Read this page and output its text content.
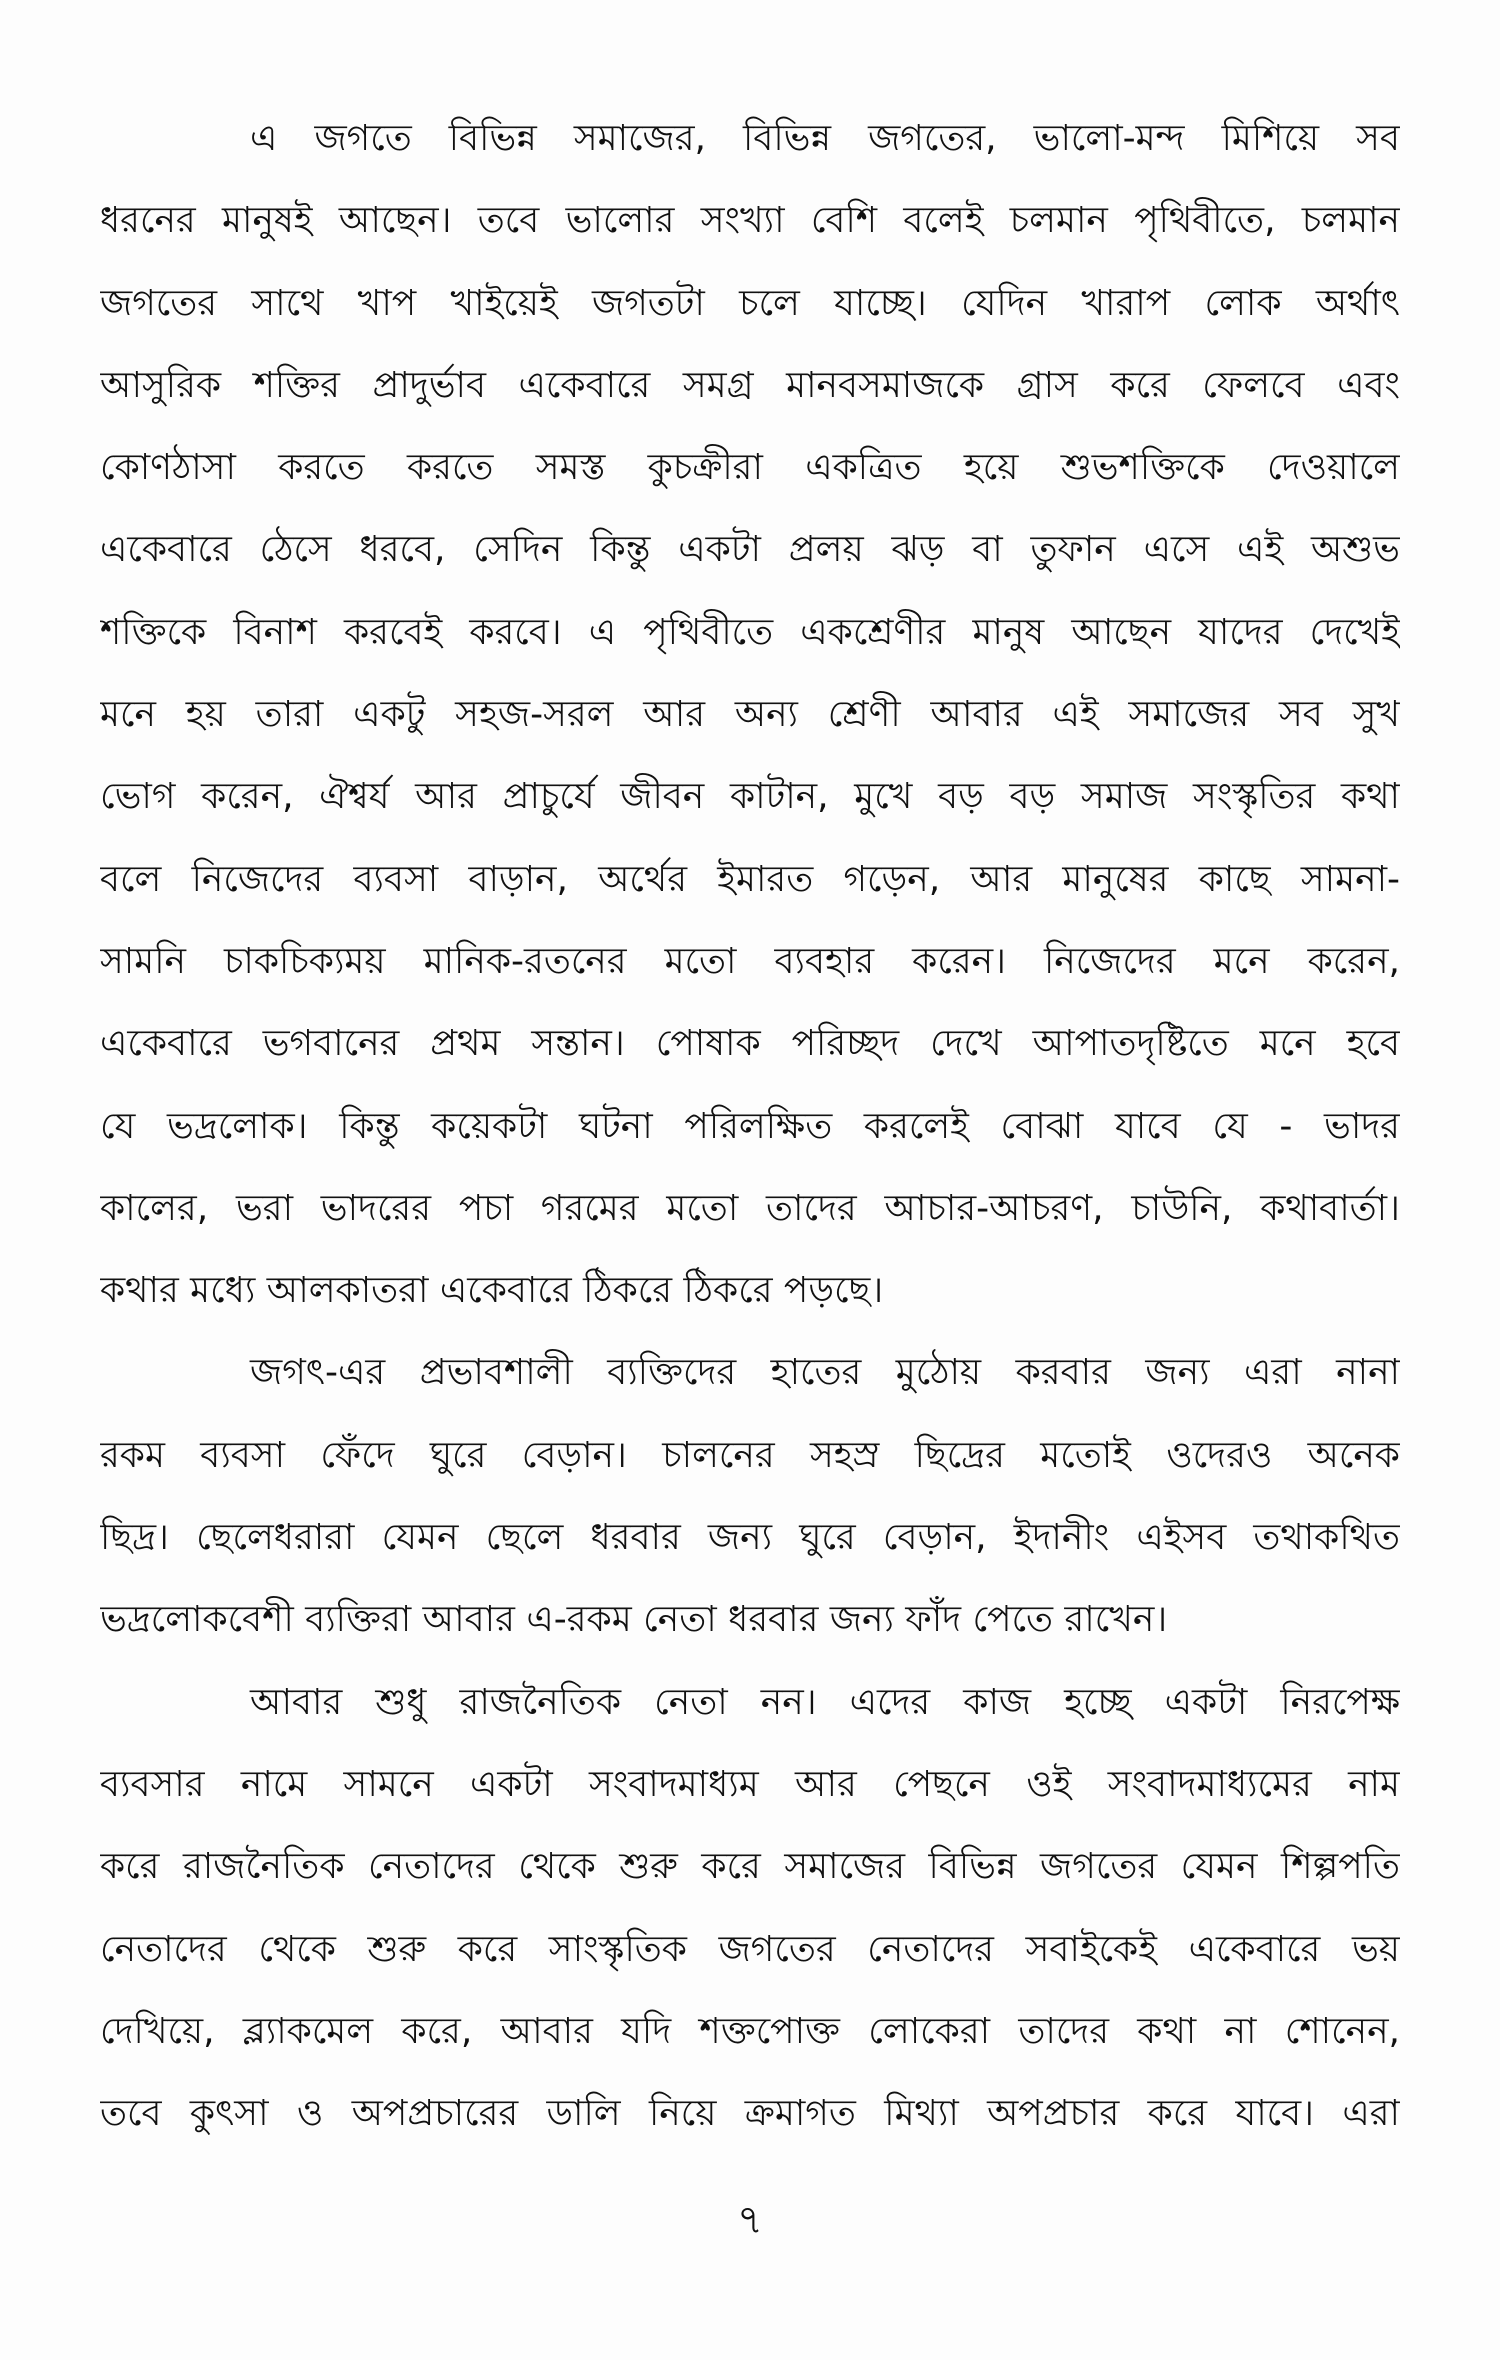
এ জগতে বিভিন্ন সমাজের, বিভিন্ন জগতের, ভালো-মন্দ মিশিয়ে সব
ধরনের মানুষই আছেন। তবে ভালোর সংখ্যা বেশি বলেই চলমান পৃথিবীতে, চলমান
জগতের সাথে খাপ খাইয়েই জগতটা চলে যাচ্ছে। যেদিন খারাপ লোক অর্থাৎ
আসুরিক শক্তির প্রাদুর্ভাব একেবারে সমগ্র মানবসমাজকে গ্রাস করে ফেলবে এবং
কোণঠাসা করতে করতে সমস্ত কুচক্রীরা একত্রিত হয়ে শুভশক্তিকে দেওয়ালে
একেবারে ঠেসে ধরবে, সেদিন কিন্তু একটা প্রলয় ঝড় বা তুফান এসে এই অশুভ
শক্তিকে বিনাশ করবেই করবে। এ পৃথিবীতে একশ্রেণীর মানুষ আছেন যাদের দেখেই
মনে হয় তারা একটু সহজ-সরল আর অন্য শ্রেণী আবার এই সমাজের সব সুখ
ভোগ করেন, ঐশ্বর্য আর প্রাচুর্যে জীবন কাটান, মুখে বড় বড় সমাজ সংস্কৃতির কথা
বলে নিজেদের ব্যবসা বাড়ান, অর্থের ইমারত গড়েন, আর মানুষের কাছে সামনা-
সামনি চাকচিক্যময় মানিক-রতনের মতো ব্যবহার করেন। নিজেদের মনে করেন,
একেবারে ভগবানের প্রথম সন্তান। পোষাক পরিচ্ছদ দেখে আপাতদৃষ্টিতে মনে হবে
যে ভদ্রলোক। কিন্তু কয়েকটা ঘটনা পরিলক্ষিত করলেই বোঝা যাবে যে - ভাদর
কালের, ভরা ভাদরের পচা গরমের মতো তাদের আচার-আচরণ, চাউনি, কথাবার্তা।
কথার মধ্যে আলকাতরা একেবারে ঠিকরে ঠিকরে পড়ছে।
জগৎ-এর প্রভাবশালী ব্যক্তিদের হাতের মুঠোয় করবার জন্য এরা নানা
রকম ব্যবসা ফেঁদে ঘুরে বেড়ান। চালনের সহস্র ছিদ্রের মতোই ওদেরও অনেক
ছিদ্র। ছেলেধরারা যেমন ছেলে ধরবার জন্য ঘুরে বেড়ান, ইদানীং এইসব তথাকথিত
ভদ্রলোকবেশী ব্যক্তিরা আবার এ-রকম নেতা ধরবার জন্য ফাঁদ পেতে রাখেন।
আবার শুধু রাজনৈতিক নেতা নন। এদের কাজ হচ্ছে একটা নিরপেক্ষ
ব্যবসার নামে সামনে একটা সংবাদমাধ্যম আর পেছনে ওই সংবাদমাধ্যমের নাম
করে রাজনৈতিক নেতাদের থেকে শুরু করে সমাজের বিভিন্ন জগতের যেমন শিল্পপতি
নেতাদের থেকে শুরু করে সাংস্কৃতিক জগতের নেতাদের সবাইকেই একেবারে ভয়
দেখিয়ে, ব্ল্যাকমেল করে, আবার যদি শক্তপোক্ত লোকেরা তাদের কথা না শোনেন,
তবে কুৎসা ও অপপ্রচারের ডালি নিয়ে ক্রমাগত মিথ্যা অপপ্রচার করে যাবে। এরা
৭
